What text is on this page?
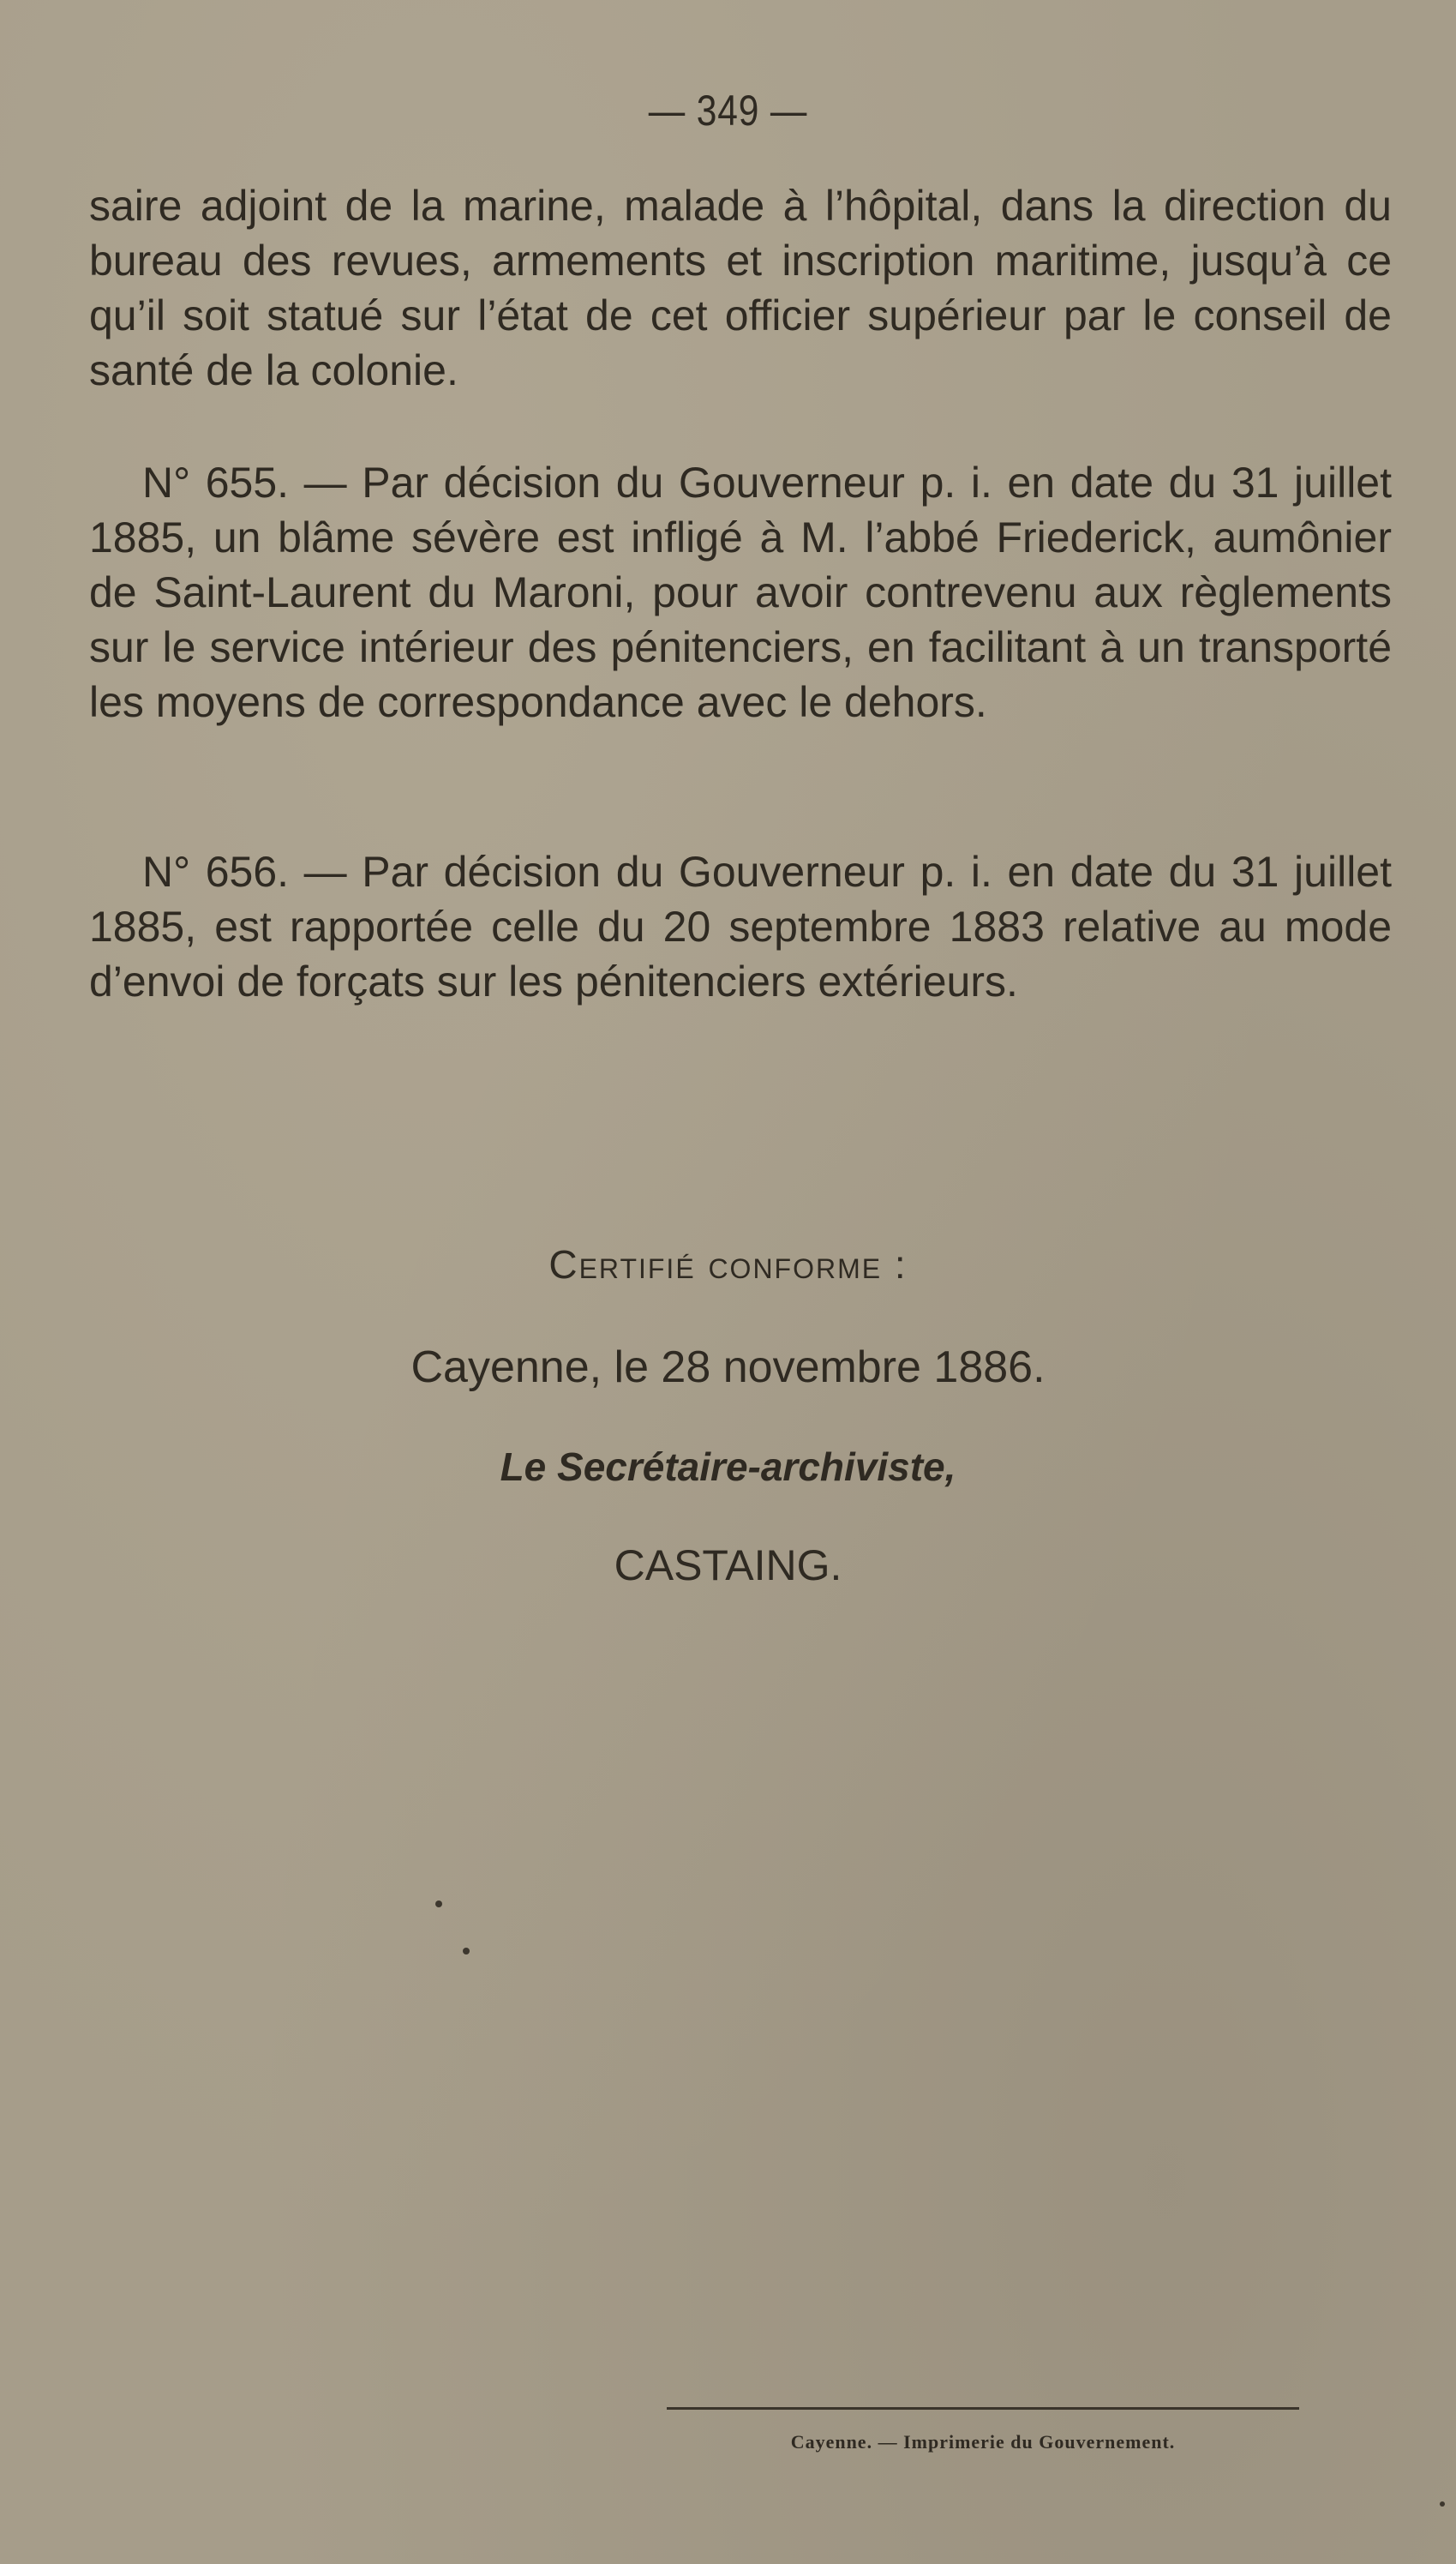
— 349 —

saire adjoint de la marine, malade à l’hôpital, dans la direction du bureau des revues, armements et inscription maritime, jusqu’à ce qu’il soit statué sur l’état de cet officier supérieur par le conseil de santé de la colonie.

N° 655. — Par décision du Gouverneur p. i. en date du 31 juillet 1885, un blâme sévère est infligé à M. l’abbé Friederick, aumônier de Saint-Laurent du Maroni, pour avoir contrevenu aux règlements sur le service intérieur des pénitenciers, en facilitant à un transporté les moyens de correspondance avec le dehors.

N° 656. — Par décision du Gouverneur p. i. en date du 31 juillet 1885, est rapportée celle du 20 septembre 1883 relative au mode d’envoi de forçats sur les pénitenciers extérieurs.

Certifié conforme :
Cayenne, le 28 novembre 1886.
Le Secrétaire-archiviste,
CASTAING.
Cayenne. — Imprimerie du Gouvernement.
